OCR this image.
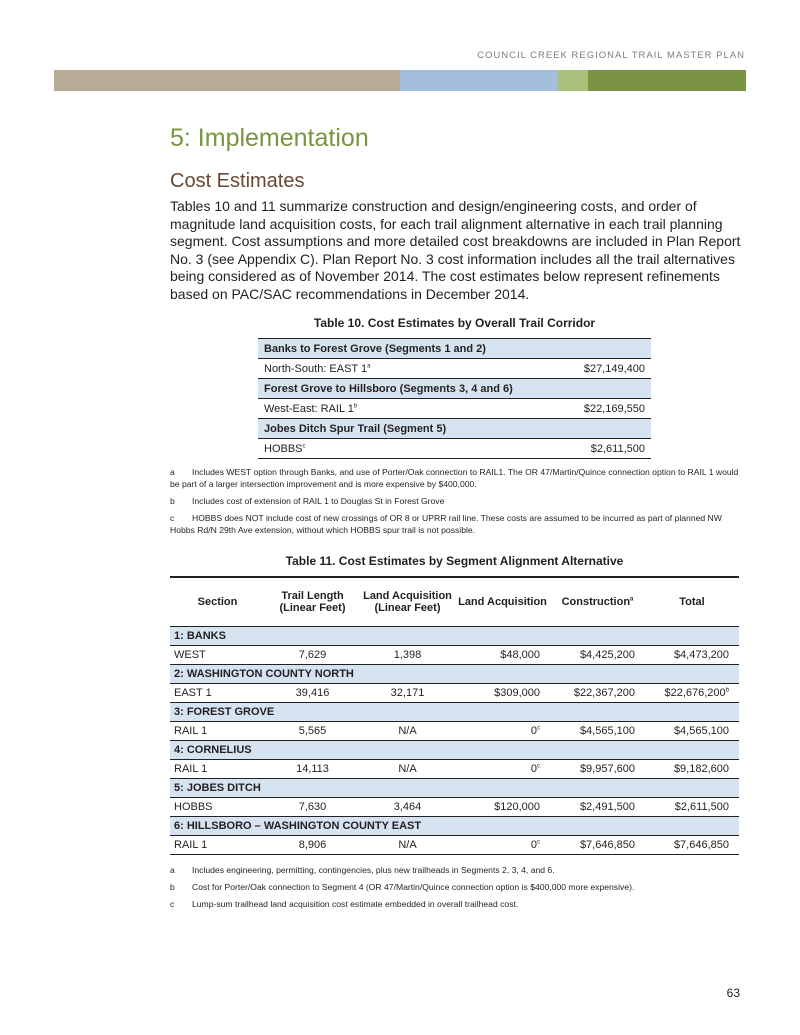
COUNCIL CREEK REGIONAL TRAIL MASTER PLAN
5: Implementation
Cost Estimates

Tables 10 and 11 summarize construction and design/engineering costs, and order of magnitude land acquisition costs, for each trail alignment alternative in each trail planning segment. Cost assumptions and more detailed cost breakdowns are included in Plan Report No. 3 (see Appendix C). Plan Report No. 3 cost information includes all the trail alternatives being considered as of November 2014. The cost estimates below represent refinements based on PAC/SAC recommendations in December 2014.

Table 10. Cost Estimates by Overall Trail Corridor
Banks to Forest Grove (Segments 1 and 2)	
North-South: EAST 1$^a$	$27,149,400
Forest Grove to Hillsboro (Segments 3, 4 and 6)	
West-East: RAIL 1$^b$	$22,169,550
Jobes Ditch Spur Trail (Segment 5)	
HOBBS$^c$	$2,611,500

a Includes WEST option through Banks, and use of Porter/Oak connection to RAIL1. The OR 47/Martin/Quince connection option to RAIL 1 would be part of a larger intersection improvement and is more expensive by $400,000.

b Includes cost of extension of RAIL 1 to Douglas St in Forest Grove

c HOBBS does NOT include cost of new crossings of OR 8 or UPRR rail line. These costs are assumed to be incurred as part of planned NW Hobbs Rd/N 29th Ave extension, without which HOBBS spur trail is not possible.

Table 11. Cost Estimates by Segment Alignment Alternative
Section	Trail Length (Linear Feet)	Land Acquisition (Linear Feet)	Land Acquisition	Construction$^a$	Total
1: BANKS					
WEST	7,629	1,398	$48,000	$4,425,200	$4,473,200
2: WASHINGTON COUNTY NORTH					
EAST 1	39,416	32,171	$309,000	$22,367,200	$22,676,200$^b$
3: FOREST GROVE					
RAIL 1	5,565	N/A	0$^c$	$4,565,100	$4,565,100
4: CORNELIUS					
RAIL 1	14,113	N/A	0$^c$	$9,957,600	$9,182,600
5: JOBES DITCH					
HOBBS	7,630	3,464	$120,000	$2,491,500	$2,611,500
6: HILLSBORO – WASHINGTON COUNTY EAST					
RAIL 1	8,906	N/A	0$^c$	$7,646,850	$7,646,850

a Includes engineering, permitting, contingencies, plus new trailheads in Segments 2, 3, 4, and 6.

b Cost for Porter/Oak connection to Segment 4 (OR 47/Martin/Quince connection option is $400,000 more expensive).

c Lump-sum trailhead land acquisition cost estimate embedded in overall trailhead cost.

63
